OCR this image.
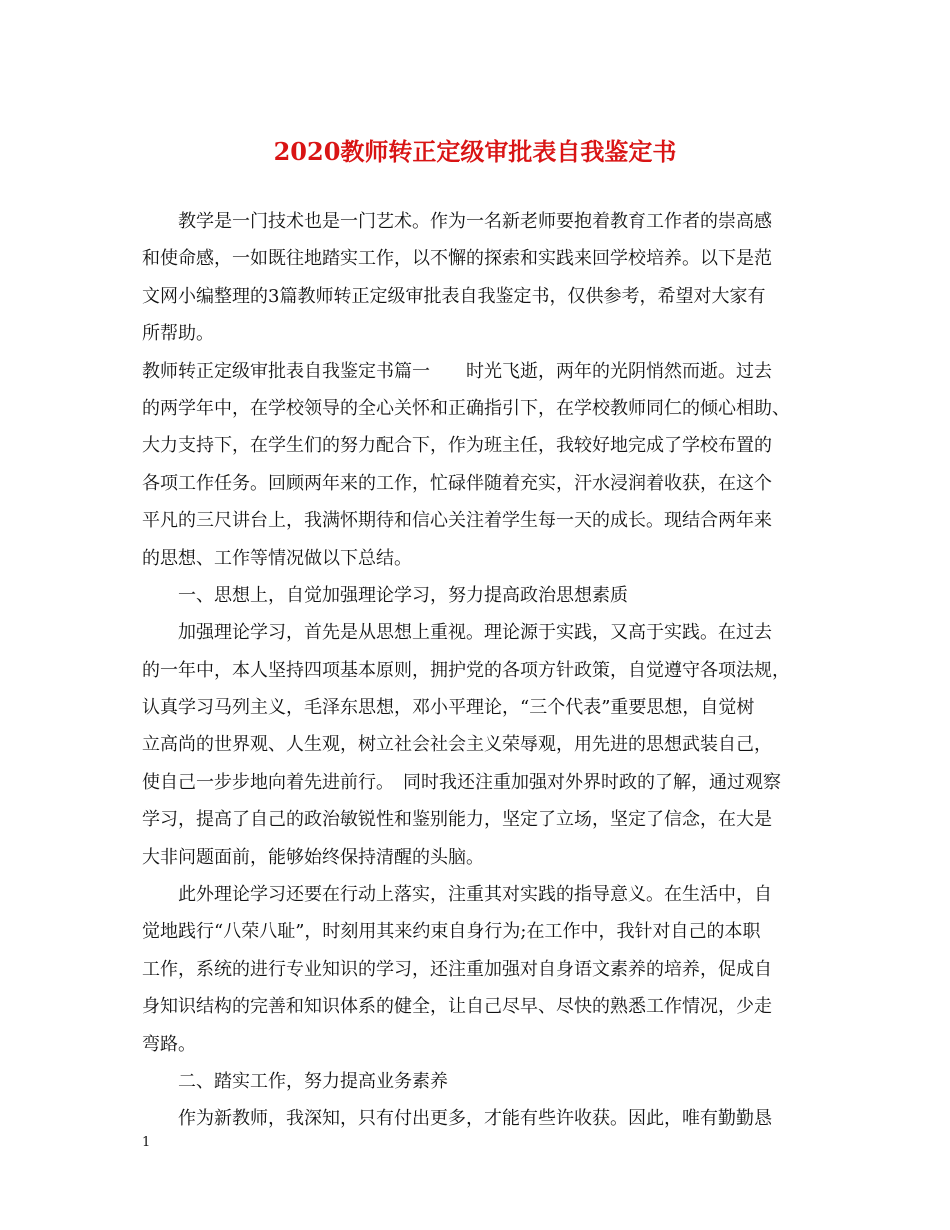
2020教师转正定级审批表自我鉴定书
教学是一门技术也是一门艺术。作为一名新老师要抱着教育工作者的崇高感
和使命感，一如既往地踏实工作，以不懈的探索和实践来回学校培养。以下是范
文网小编整理的3篇教师转正定级审批表自我鉴定书，仅供参考，希望对大家有
所帮助。
教师转正定级审批表自我鉴定书篇一　　时光飞逝，两年的光阴悄然而逝。过去
的两学年中，在学校领导的全心关怀和正确指引下，在学校教师同仁的倾心相助、
大力支持下，在学生们的努力配合下，作为班主任，我较好地完成了学校布置的
各项工作任务。回顾两年来的工作，忙碌伴随着充实，汗水浸润着收获，在这个
平凡的三尺讲台上，我满怀期待和信心关注着学生每一天的成长。现结合两年来
的思想、工作等情况做以下总结。
一、思想上，自觉加强理论学习，努力提高政治思想素质
加强理论学习，首先是从思想上重视。理论源于实践，又高于实践。在过去
的一年中，本人坚持四项基本原则，拥护党的各项方针政策，自觉遵守各项法规，
认真学习马列主义，毛泽东思想，邓小平理论，“三个代表”重要思想，自觉树
立高尚的世界观、人生观，树立社会社会主义荣辱观，用先进的思想武装自己，
使自己一步步地向着先进前行。　同时我还注重加强对外界时政的了解，通过观察
学习，提高了自己的政治敏锐性和鉴别能力，坚定了立场，坚定了信念，在大是
大非问题面前，能够始终保持清醒的头脑。
此外理论学习还要在行动上落实，注重其对实践的指导意义。在生活中，自
觉地践行“八荣八耻”，时刻用其来约束自身行为;在工作中，我针对自己的本职
工作，系统的进行专业知识的学习，还注重加强对自身语文素养的培养，促成自
身知识结构的完善和知识体系的健全，让自己尽早、尽快的熟悉工作情况，少走
弯路。
二、踏实工作，努力提高业务素养
作为新教师，我深知，只有付出更多，才能有些许收获。因此，唯有勤勤恳
1
